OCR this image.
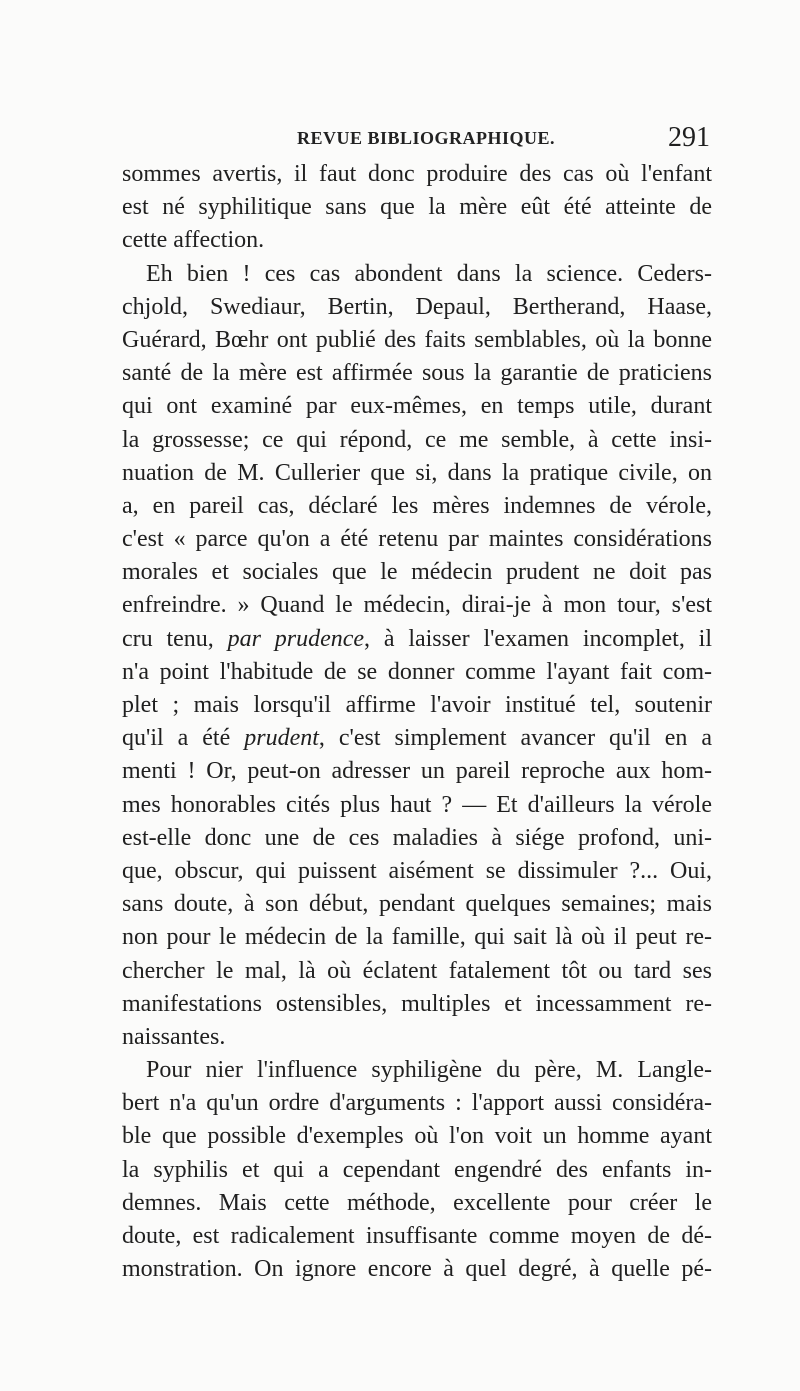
REVUE BIBLIOGRAPHIQUE.	291
sommes avertis, il faut donc produire des cas où l'enfant
est né syphilitique sans que la mère eût été atteinte de
cette affection.
Eh bien ! ces cas abondent dans la science. Ceders-
chjold, Swediaur, Bertin, Depaul, Bertherand, Haase,
Guérard, Bœhr ont publié des faits semblables, où la bonne
santé de la mère est affirmée sous la garantie de praticiens
qui ont examiné par eux-mêmes, en temps utile, durant
la grossesse; ce qui répond, ce me semble, à cette insi-
nuation de M. Cullerier que si, dans la pratique civile, on
a, en pareil cas, déclaré les mères indemnes de vérole,
c'est « parce qu'on a été retenu par maintes considérations
morales et sociales que le médecin prudent ne doit pas
enfreindre. » Quand le médecin, dirai-je à mon tour, s'est
cru tenu, par prudence, à laisser l'examen incomplet, il
n'a point l'habitude de se donner comme l'ayant fait com-
plet ; mais lorsqu'il affirme l'avoir institué tel, soutenir
qu'il a été prudent, c'est simplement avancer qu'il en a
menti ! Or, peut-on adresser un pareil reproche aux hom-
mes honorables cités plus haut ? — Et d'ailleurs la vérole
est-elle donc une de ces maladies à siége profond, uni-
que, obscur, qui puissent aisément se dissimuler ?... Oui,
sans doute, à son début, pendant quelques semaines; mais
non pour le médecin de la famille, qui sait là où il peut re-
chercher le mal, là où éclatent fatalement tôt ou tard ses
manifestations ostensibles, multiples et incessamment re-
naissantes.
Pour nier l'influence syphiligène du père, M. Langle-
bert n'a qu'un ordre d'arguments : l'apport aussi considéra-
ble que possible d'exemples où l'on voit un homme ayant
la syphilis et qui a cependant engendré des enfants in-
demnes. Mais cette méthode, excellente pour créer le
doute, est radicalement insuffisante comme moyen de dé-
monstration. On ignore encore à quel degré, à quelle pé-
